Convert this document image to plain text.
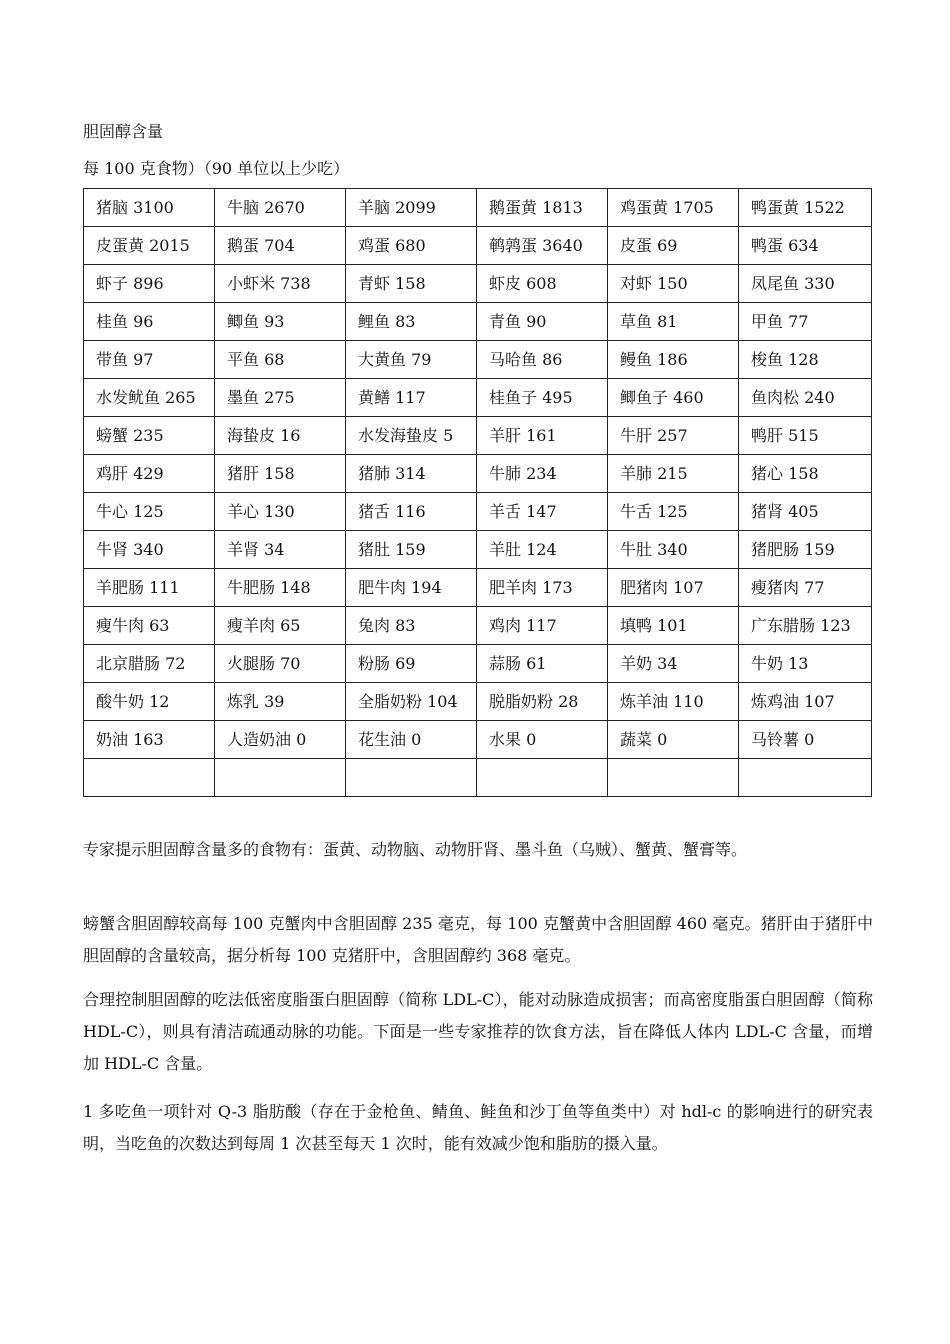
胆固醇含量
每 100 克食物）（90 单位以上少吃）
猪脑 3100	牛脑 2670	羊脑 2099	鹅蛋黄 1813	鸡蛋黄 1705	鸭蛋黄 1522
皮蛋黄 2015	鹅蛋 704	鸡蛋 680	鹌鹑蛋 3640	皮蛋 69	鸭蛋 634
虾子 896	小虾米 738	青虾 158	虾皮 608	对虾 150	凤尾鱼 330
桂鱼 96	鲫鱼 93	鲤鱼 83	青鱼 90	草鱼 81	甲鱼 77
带鱼 97	平鱼 68	大黄鱼 79	马哈鱼 86	鳗鱼 186	梭鱼 128
水发鱿鱼 265	墨鱼 275	黄鳝 117	桂鱼子 495	鲫鱼子 460	鱼肉松 240
螃蟹 235	海蛰皮 16	水发海蛰皮 5	羊肝 161	牛肝 257	鸭肝 515
鸡肝 429	猪肝 158	猪肺 314	牛肺 234	羊肺 215	猪心 158
牛心 125	羊心 130	猪舌 116	羊舌 147	牛舌 125	猪肾 405
牛肾 340	羊肾 34	猪肚 159	羊肚 124	牛肚 340	猪肥肠 159
羊肥肠 111	牛肥肠 148	肥牛肉 194	肥羊肉 173	肥猪肉 107	瘦猪肉 77
瘦牛肉 63	瘦羊肉 65	兔肉 83	鸡肉 117	填鸭 101	广东腊肠 123
北京腊肠 72	火腿肠 70	粉肠 69	蒜肠 61	羊奶 34	牛奶 13
酸牛奶 12	炼乳 39	全脂奶粉 104	脱脂奶粉 28	炼羊油 110	炼鸡油 107
奶油 163	人造奶油 0	花生油 0	水果 0	蔬菜 0	马铃薯 0

专家提示胆固醇含量多的食物有：蛋黄、动物脑、动物肝肾、墨斗鱼（乌贼）、蟹黄、蟹膏等。
螃蟹含胆固醇较高每 100 克蟹肉中含胆固醇 235 毫克，每 100 克蟹黄中含胆固醇 460 毫克。猪肝由于猪肝中胆固醇的含量较高，据分析每 100 克猪肝中，含胆固醇约 368 毫克。
合理控制胆固醇的吃法低密度脂蛋白胆固醇（简称 LDL-C），能对动脉造成损害；而高密度脂蛋白胆固醇（简称 HDL-C），则具有清洁疏通动脉的功能。下面是一些专家推荐的饮食方法，旨在降低人体内 LDL-C 含量，而增加 HDL-C 含量。
1 多吃鱼一项针对 Q-3 脂肪酸（存在于金枪鱼、鲭鱼、鲑鱼和沙丁鱼等鱼类中）对 hdl-c 的影响进行的研究表明，当吃鱼的次数达到每周 1 次甚至每天 1 次时，能有效减少饱和脂肪的摄入量。
